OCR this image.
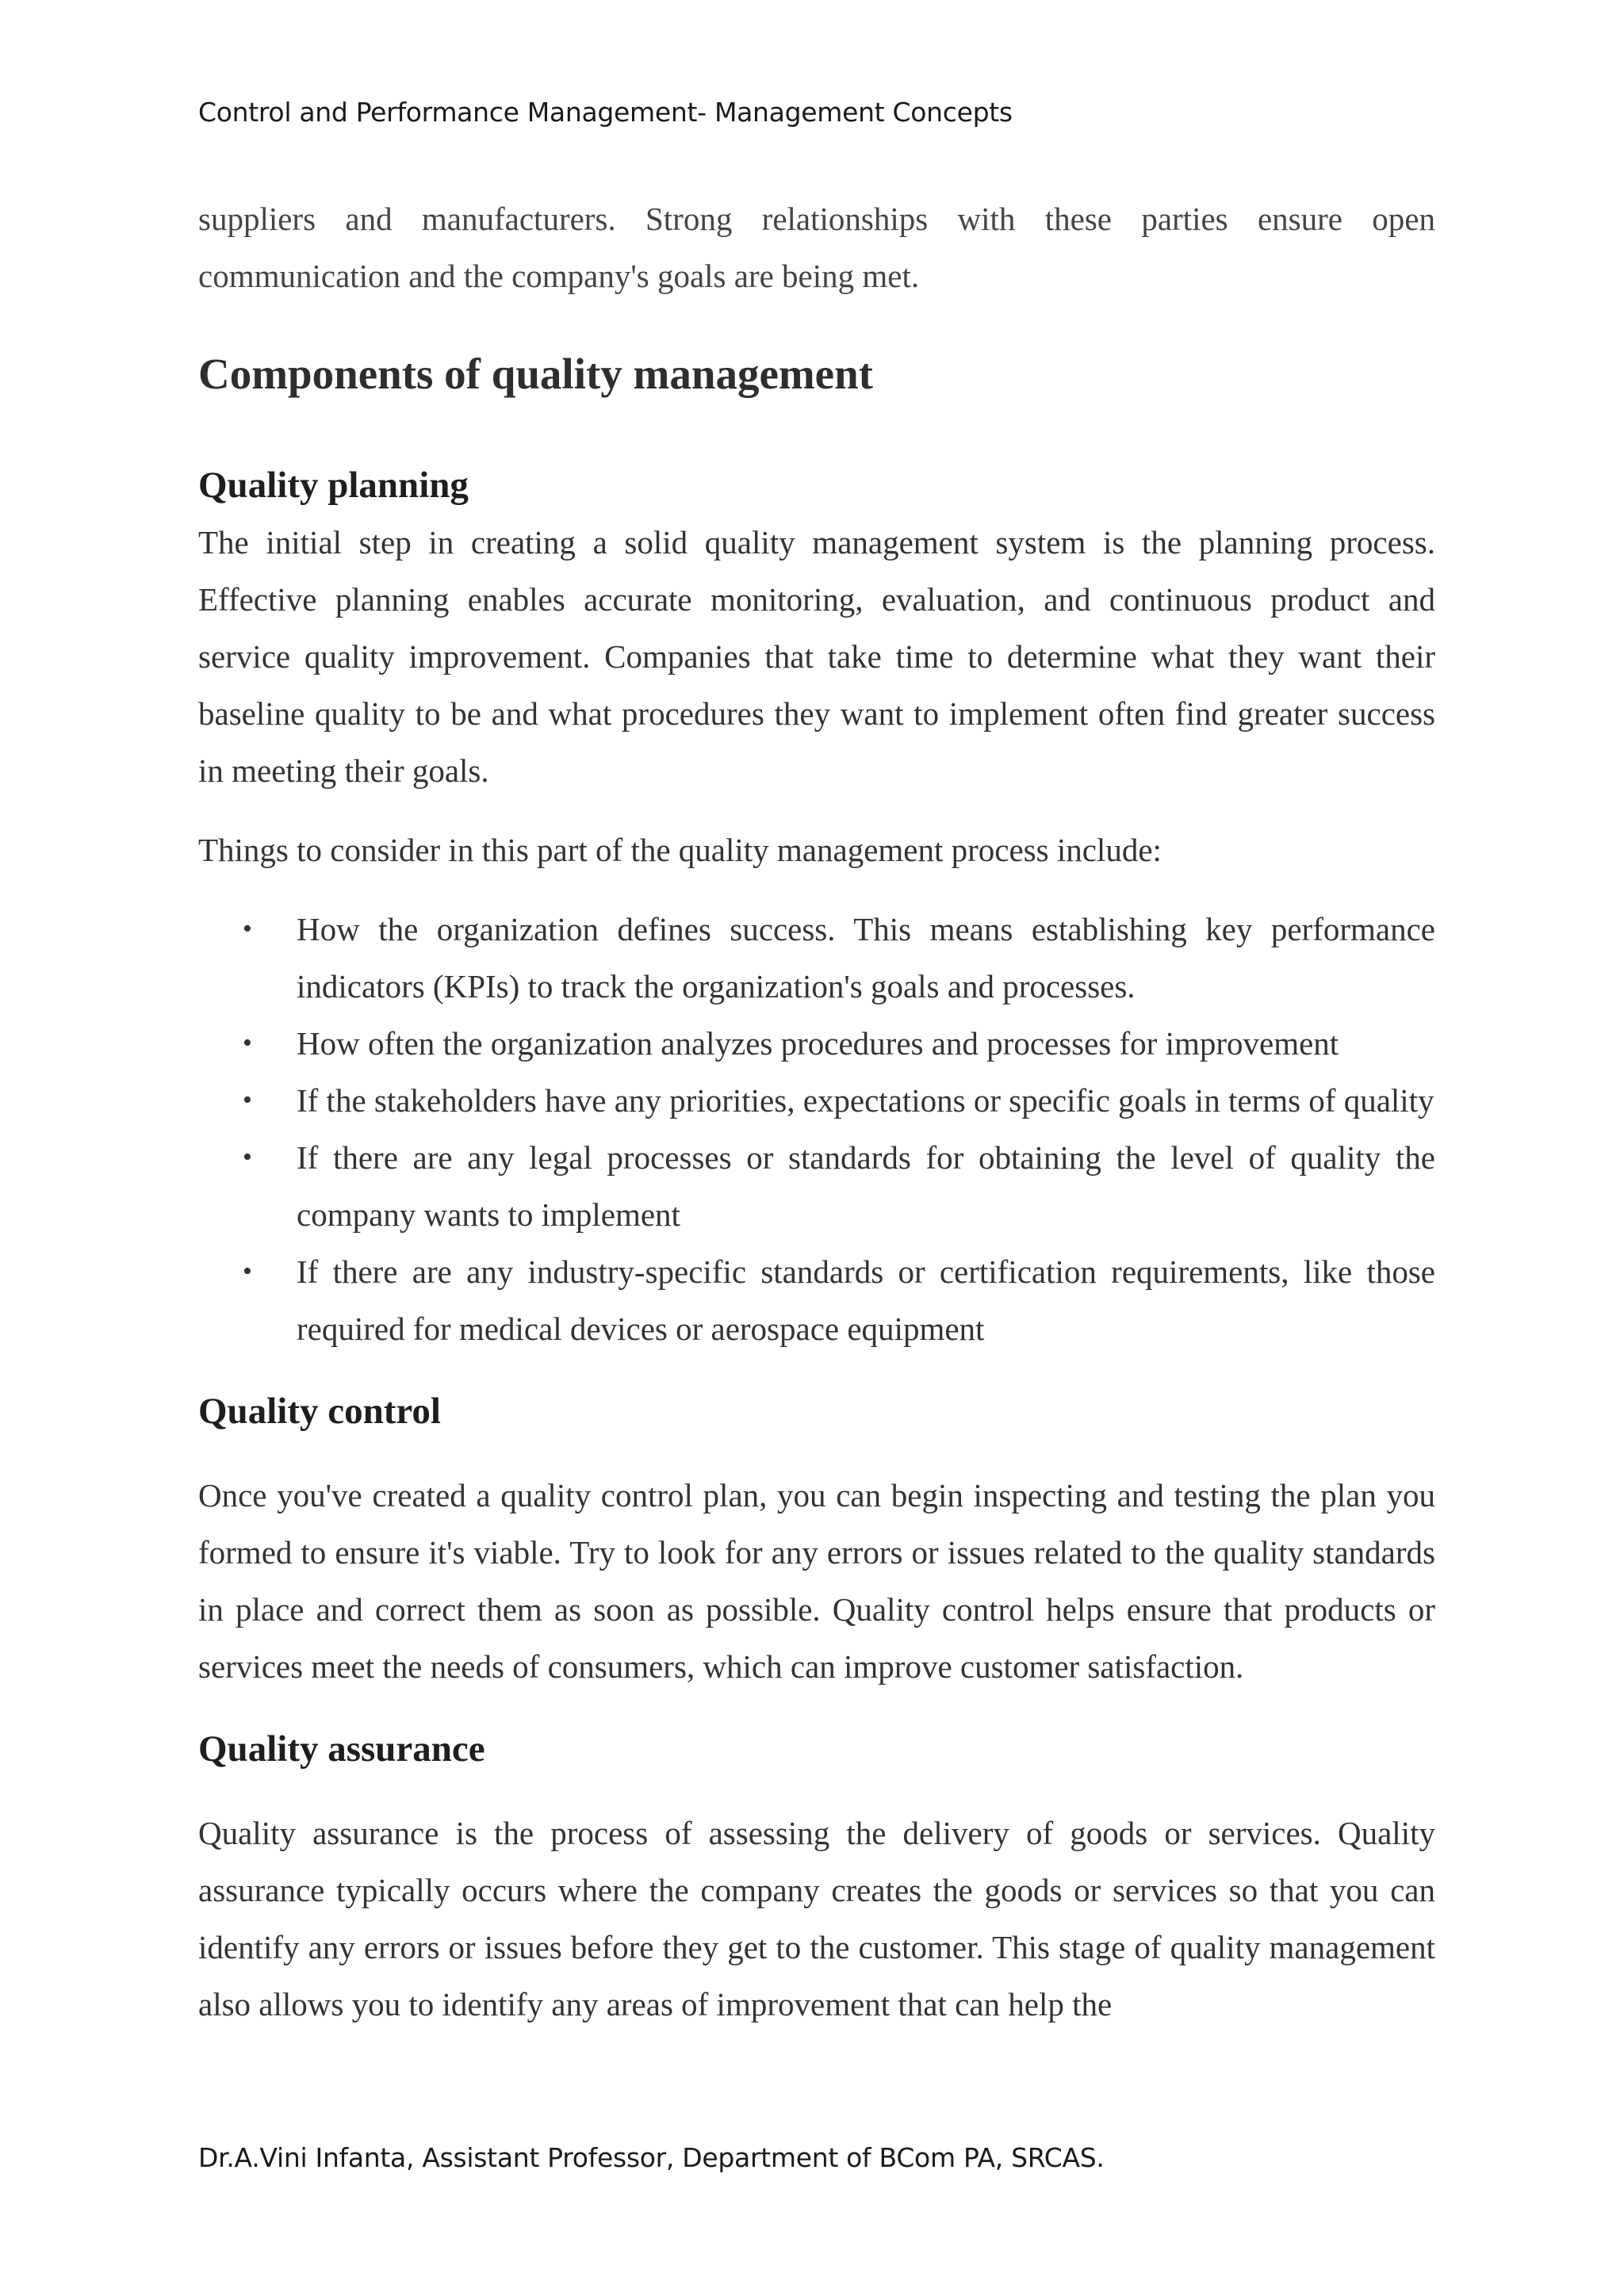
Control and Performance Management- Management Concepts

suppliers and manufacturers. Strong relationships with these parties ensure open communication and the company's goals are being met.

Components of quality management
Quality planning

The initial step in creating a solid quality management system is the planning process. Effective planning enables accurate monitoring, evaluation, and continuous product and service quality improvement. Companies that take time to determine what they want their baseline quality to be and what procedures they want to implement often find greater success in meeting their goals.

Things to consider in this part of the quality management process include:

• How the organization defines success. This means establishing key performance indicators (KPIs) to track the organization's goals and processes.
• How often the organization analyzes procedures and processes for improvement
• If the stakeholders have any priorities, expectations or specific goals in terms of quality
• If there are any legal processes or standards for obtaining the level of quality the company wants to implement
• If there are any industry-specific standards or certification requirements, like those required for medical devices or aerospace equipment
Quality control

Once you've created a quality control plan, you can begin inspecting and testing the plan you formed to ensure it's viable. Try to look for any errors or issues related to the quality standards in place and correct them as soon as possible. Quality control helps ensure that products or services meet the needs of consumers, which can improve customer satisfaction.

Quality assurance

Quality assurance is the process of assessing the delivery of goods or services. Quality assurance typically occurs where the company creates the goods or services so that you can identify any errors or issues before they get to the customer. This stage of quality management also allows you to identify any areas of improvement that can help the

Dr.A.Vini Infanta, Assistant Professor, Department of BCom PA, SRCAS.
